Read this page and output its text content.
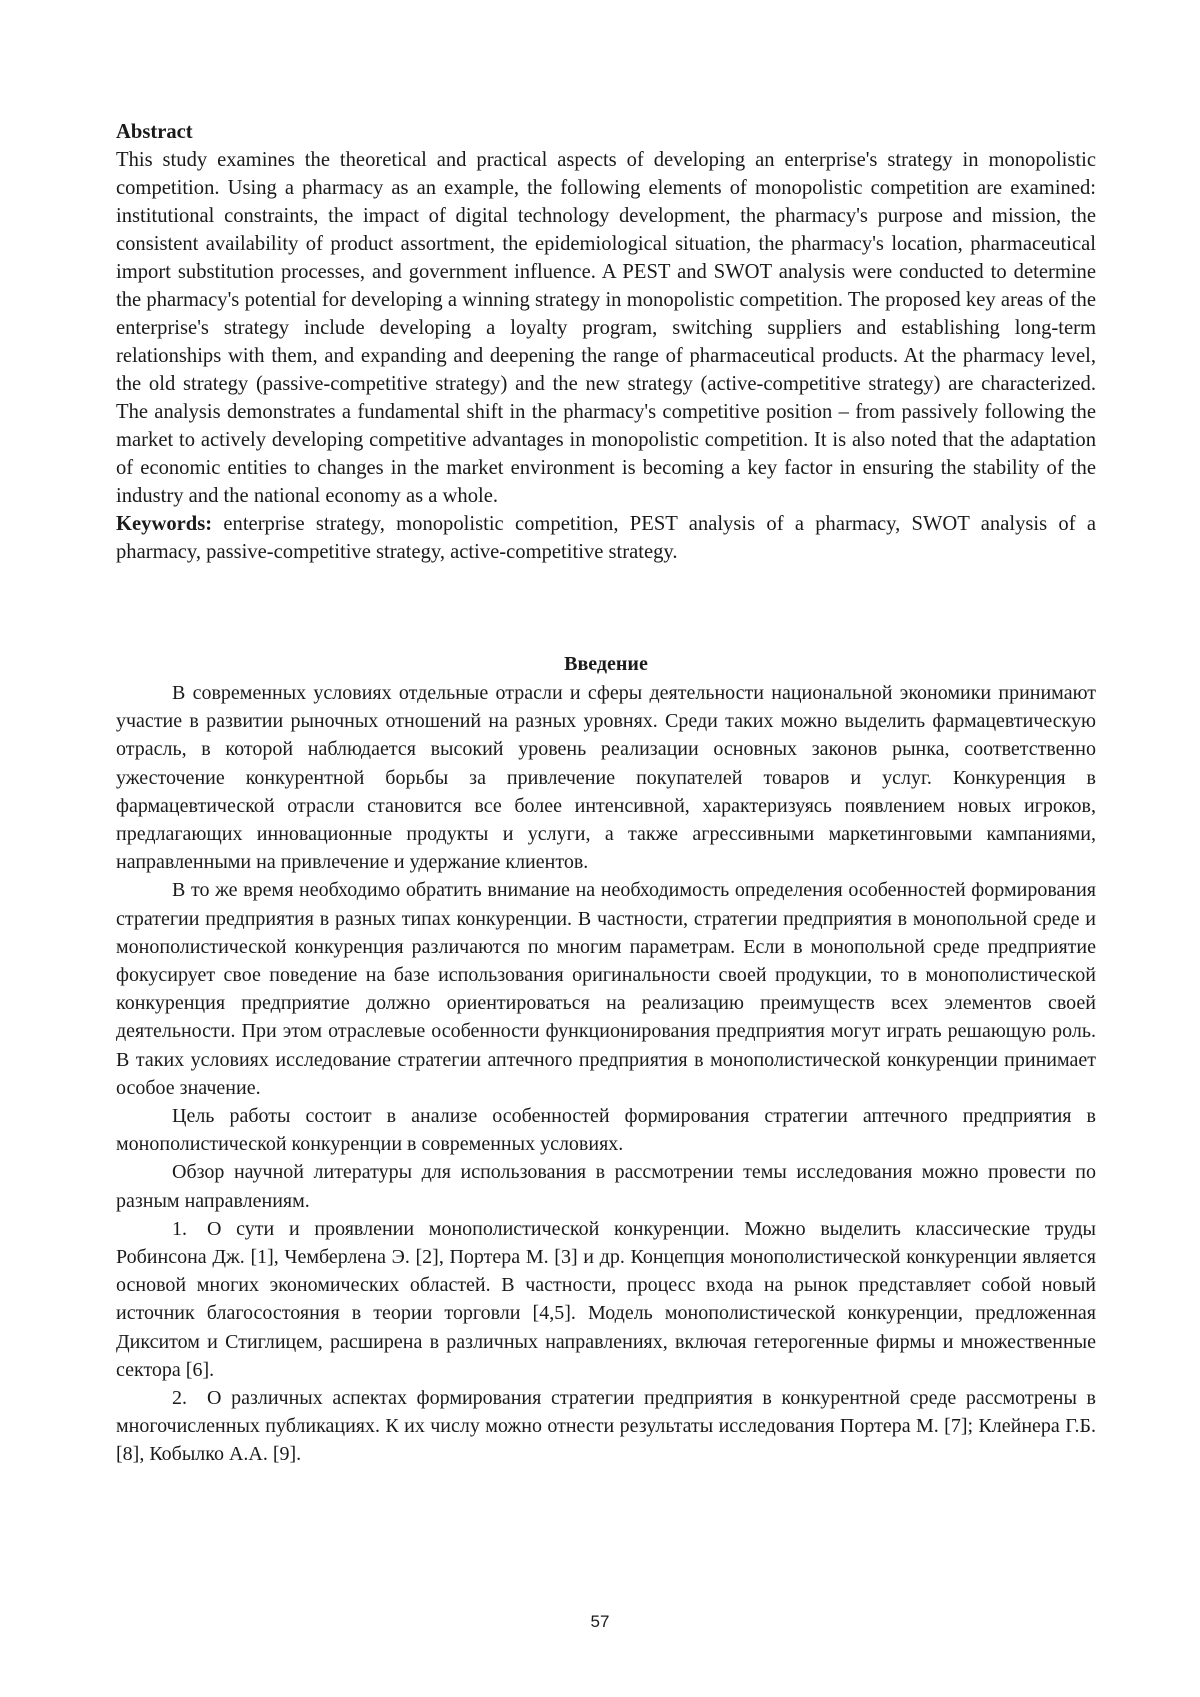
Abstract

This study examines the theoretical and practical aspects of developing an enterprise's strategy in monopolistic competition. Using a pharmacy as an example, the following elements of monopolistic competition are examined: institutional constraints, the impact of digital technology development, the pharmacy's purpose and mission, the consistent availability of product assortment, the epidemiological situation, the pharmacy's location, pharmaceutical import substitution processes, and government influence. A PEST and SWOT analysis were conducted to determine the pharmacy's potential for developing a winning strategy in monopolistic competition. The proposed key areas of the enterprise's strategy include developing a loyalty program, switching suppliers and establishing long-term relationships with them, and expanding and deepening the range of pharmaceutical products. At the pharmacy level, the old strategy (passive-competitive strategy) and the new strategy (active-competitive strategy) are characterized. The analysis demonstrates a fundamental shift in the pharmacy's competitive position – from passively following the market to actively developing competitive advantages in monopolistic competition. It is also noted that the adaptation of economic entities to changes in the market environment is becoming a key factor in ensuring the stability of the industry and the national economy as a whole.

Keywords: enterprise strategy, monopolistic competition, PEST analysis of a pharmacy, SWOT analysis of a pharmacy, passive-competitive strategy, active-competitive strategy.

Введение

В современных условиях отдельные отрасли и сферы деятельности национальной экономики принимают участие в развитии рыночных отношений на разных уровнях. Среди таких можно выделить фармацевтическую отрасль, в которой наблюдается высокий уровень реализации основных законов рынка, соответственно ужесточение конкурентной борьбы за привлечение покупателей товаров и услуг. Конкуренция в фармацевтической отрасли становится все более интенсивной, характеризуясь появлением новых игроков, предлагающих инновационные продукты и услуги, а также агрессивными маркетинговыми кампаниями, направленными на привлечение и удержание клиентов.

В то же время необходимо обратить внимание на необходимость определения особенностей формирования стратегии предприятия в разных типах конкуренции. В частности, стратегии предприятия в монопольной среде и монополистической конкуренция различаются по многим параметрам. Если в монопольной среде предприятие фокусирует свое поведение на базе использования оригинальности своей продукции, то в монополистической конкуренция предприятие должно ориентироваться на реализацию преимуществ всех элементов своей деятельности. При этом отраслевые особенности функционирования предприятия могут играть решающую роль. В таких условиях исследование стратегии аптечного предприятия в монополистической конкуренции принимает особое значение.

Цель работы состоит в анализе особенностей формирования стратегии аптечного предприятия в монополистической конкуренции в современных условиях.

Обзор научной литературы для использования в рассмотрении темы исследования можно провести по разным направлениям.

1. О сути и проявлении монополистической конкуренции. Можно выделить классические труды Робинсона Дж. [1], Чемберлена Э. [2], Портера М. [3] и др. Концепция монополистической конкуренции является основой многих экономических областей. В частности, процесс входа на рынок представляет собой новый источник благосостояния в теории торговли [4,5]. Модель монополистической конкуренции, предложенная Дикситом и Стиглицем, расширена в различных направлениях, включая гетерогенные фирмы и множественные сектора [6].

2. О различных аспектах формирования стратегии предприятия в конкурентной среде рассмотрены в многочисленных публикациях. К их числу можно отнести результаты исследования Портера М. [7]; Клейнера Г.Б. [8], Кобылко А.А. [9].

57
